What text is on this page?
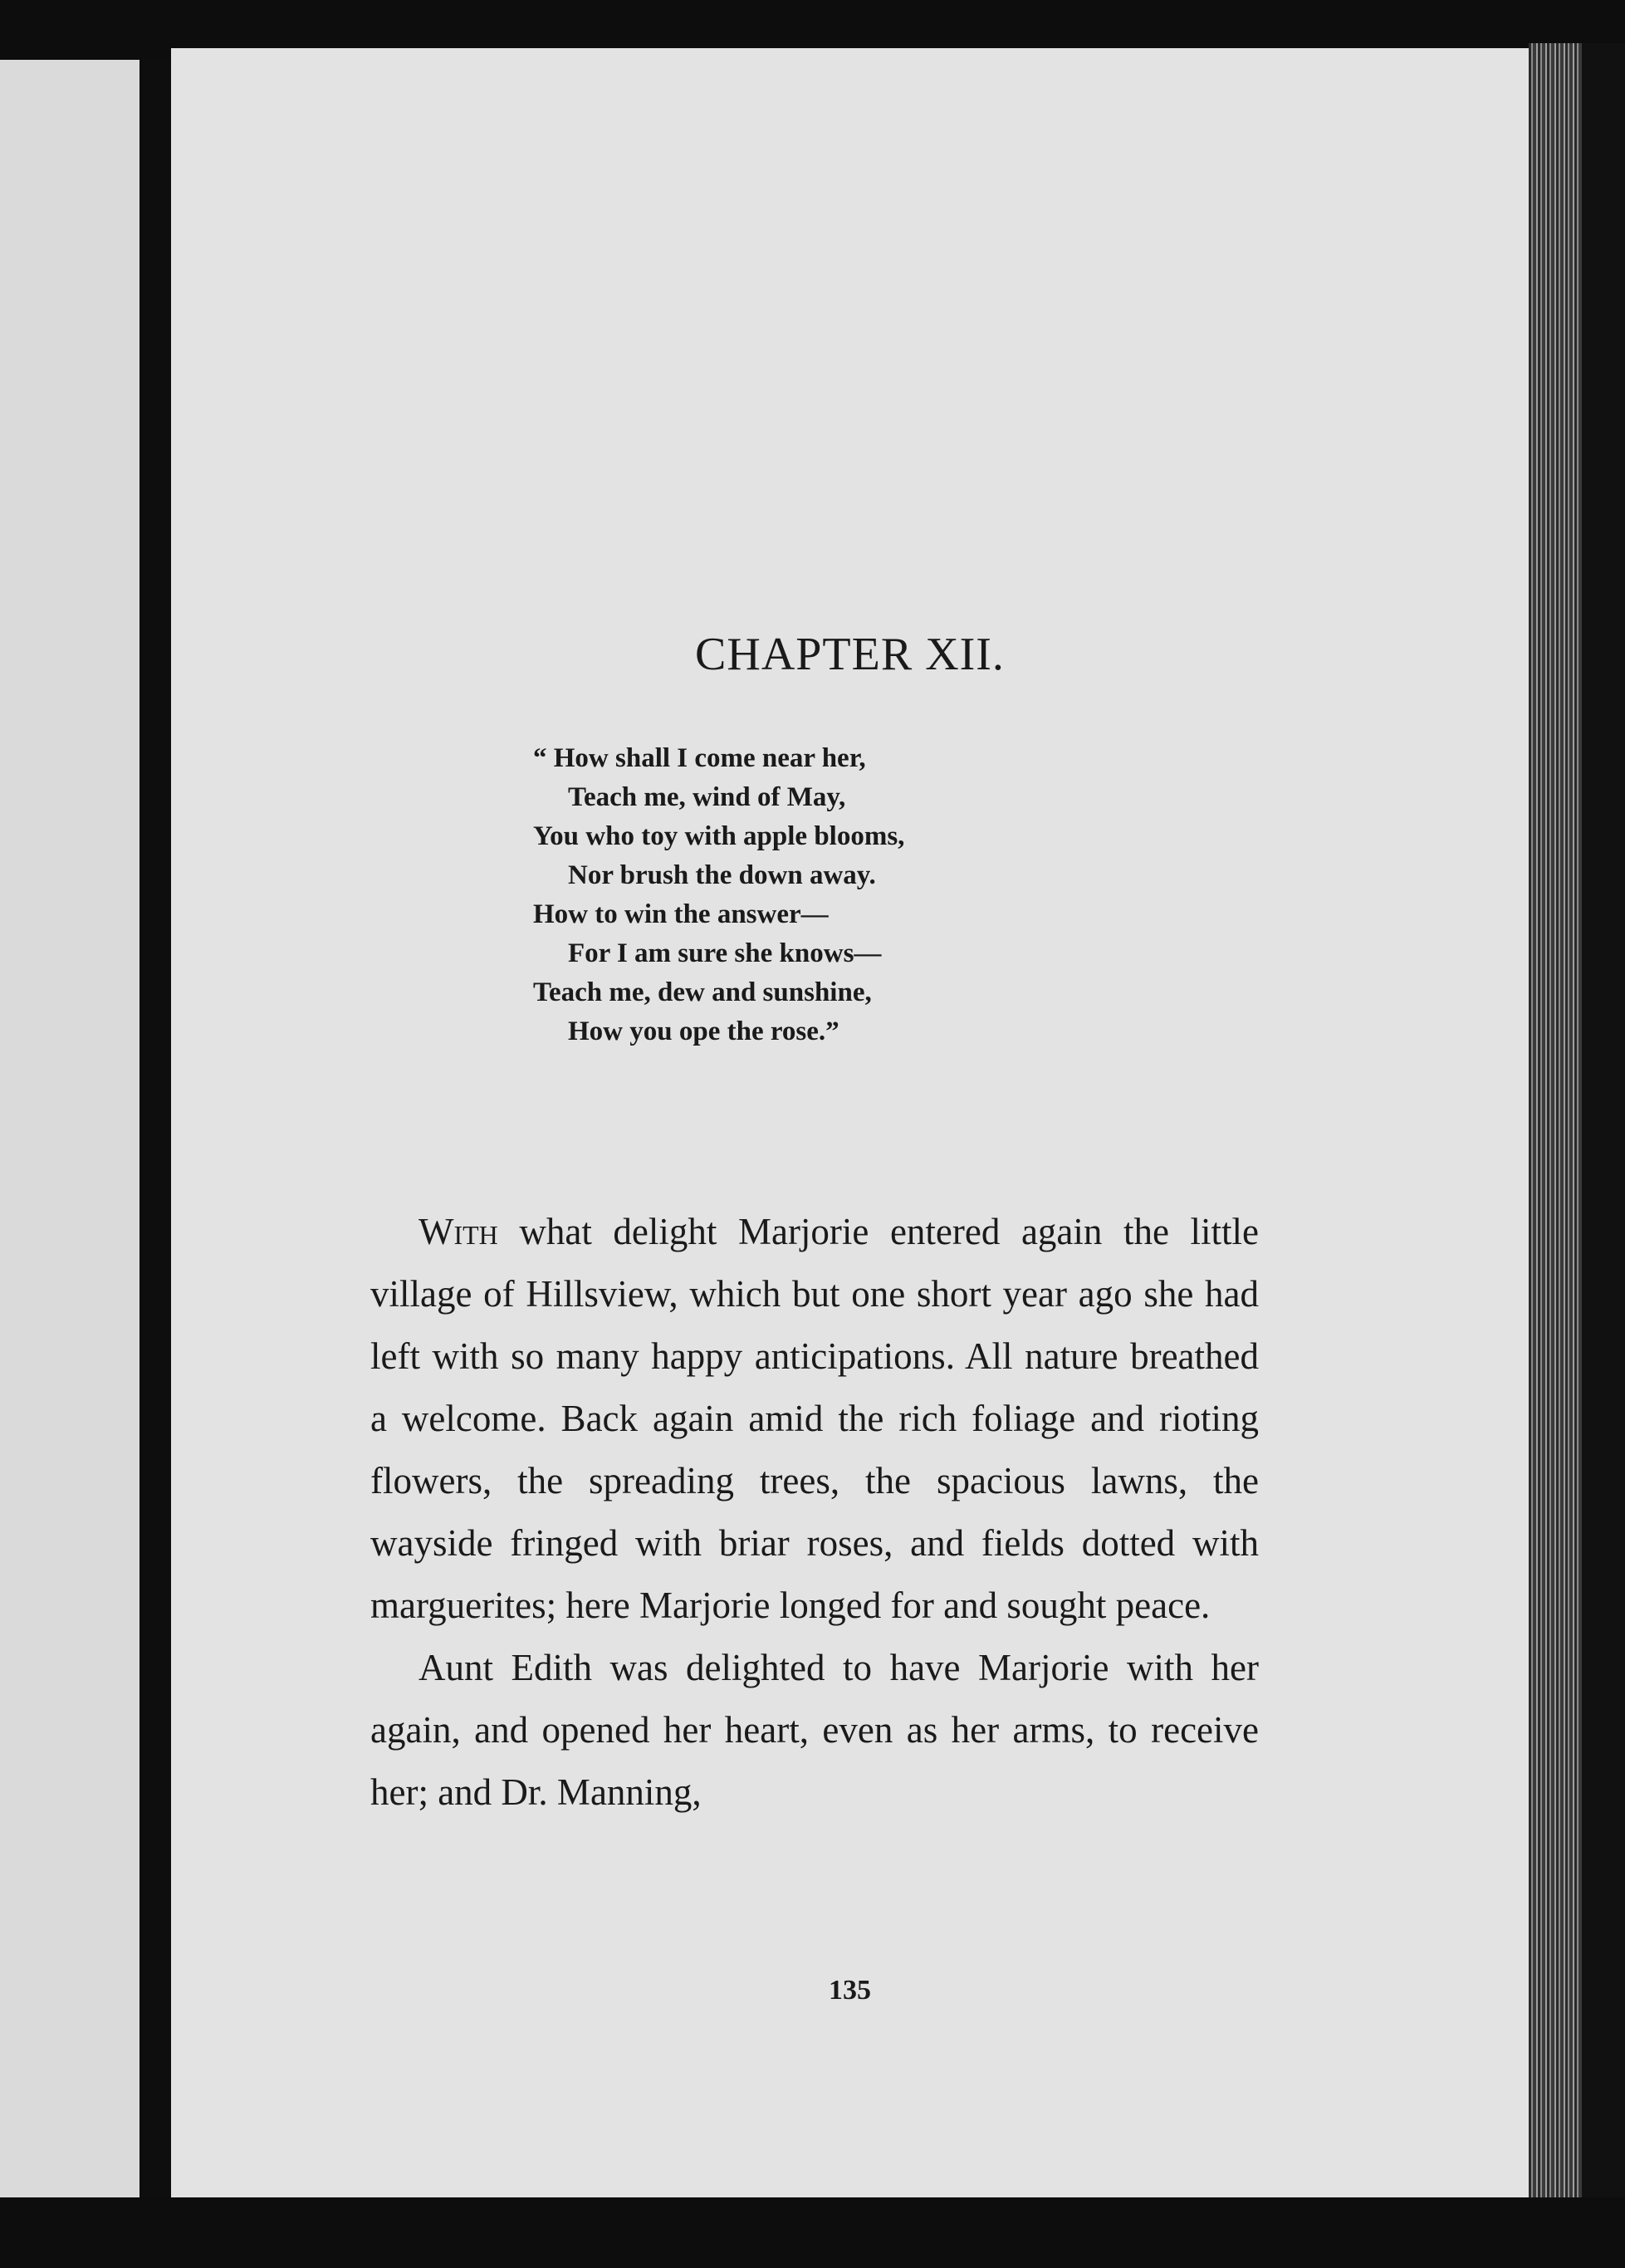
CHAPTER XII.
“ How shall I come near her,
Teach me, wind of May,
You who toy with apple blooms,
Nor brush the down away.
How to win the answer—
For I am sure she knows—
Teach me, dew and sunshine,
How you ope the rose.”

With what delight Marjorie entered again the little village of Hillsview, which but one short year ago she had left with so many happy anticipations. All nature breathed a welcome. Back again amid the rich foliage and rioting flowers, the spreading trees, the spacious lawns, the wayside fringed with briar roses, and fields dotted with marguerites; here Marjorie longed for and sought peace.

Aunt Edith was delighted to have Marjorie with her again, and opened her heart, even as her arms, to receive her; and Dr. Manning,

135
